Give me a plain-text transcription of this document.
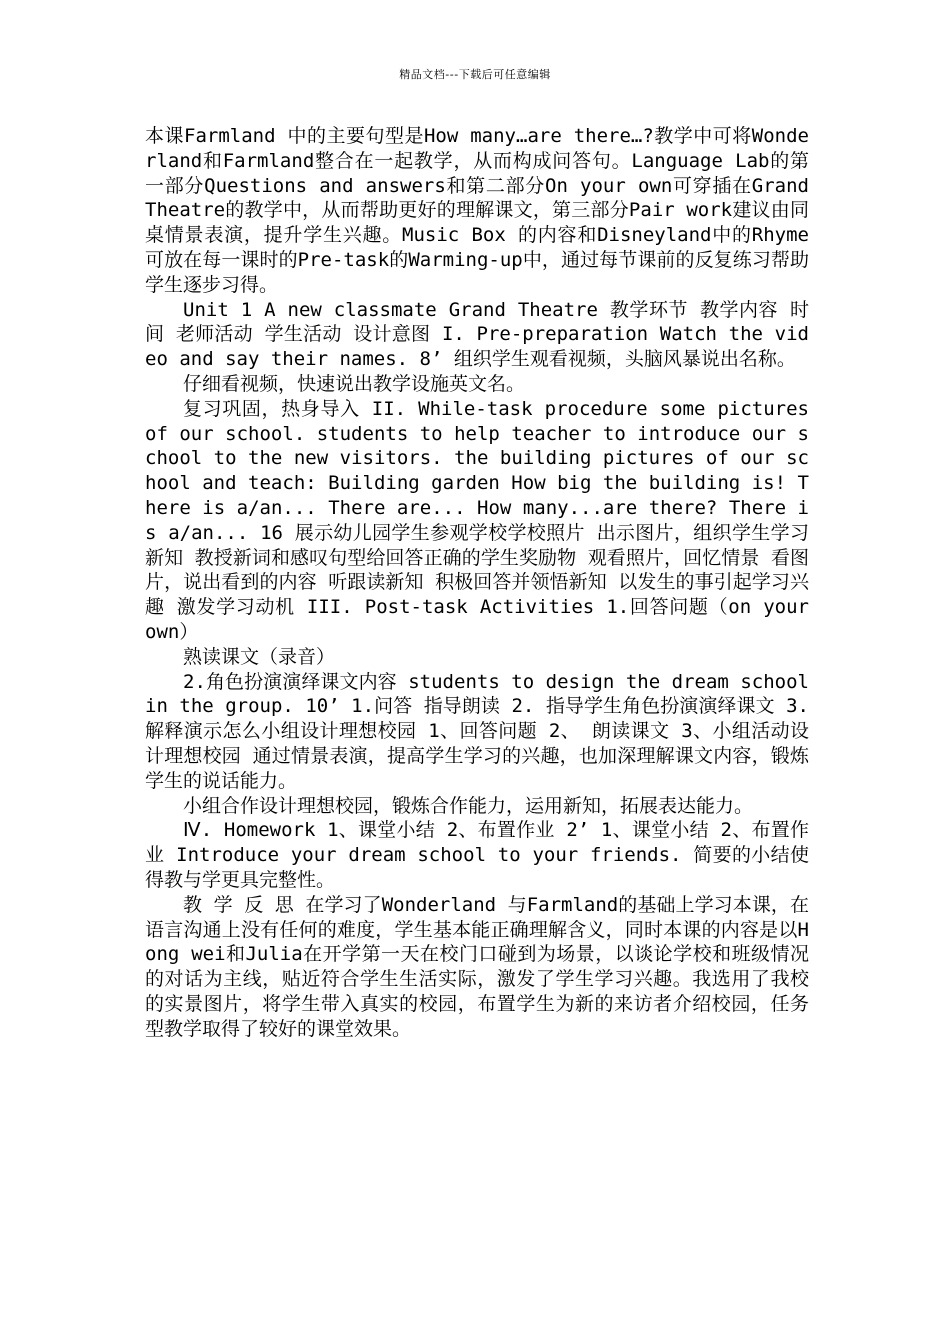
精品文档---下载后可任意编辑

本课Farmland 中的主要句型是How many…are there…?教学中可将Wonderland和Farmland整合在一起教学，从而构成问答句。Language Lab的第一部分Questions and answers和第二部分On your own可穿插在Grand Theatre的教学中，从而帮助更好的理解课文，第三部分Pair work建议由同桌情景表演，提升学生兴趣。Music Box 的内容和Disneyland中的Rhyme可放在每一课时的Pre-task的Warming-up中，通过每节课前的反复练习帮助学生逐步习得。

Unit 1 A new classmate Grand Theatre 教学环节 教学内容 时间 老师活动 学生活动 设计意图 I. Pre-preparation Watch the video and say their names. 8’ 组织学生观看视频，头脑风暴说出名称。

仔细看视频，快速说出教学设施英文名。

复习巩固，热身导入 II. While-task procedure some pictures of our school. students to help teacher to introduce our school to the new visitors. the building pictures of our school and teach: Building garden How big the building is! There is a/an... There are... How many...are there? There is a/an... 16 展示幼儿园学生参观学校学校照片 出示图片，组织学生学习新知 教授新词和感叹句型给回答正确的学生奖励物 观看照片，回忆情景 看图片，说出看到的内容 听跟读新知 积极回答并领悟新知 以发生的事引起学习兴趣 激发学习动机 III. Post-task Activities 1.回答问题（on your own）

熟读课文（录音）

2.角色扮演演绎课文内容 students to design the dream school in the group. 10’ 1.问答 指导朗读 2. 指导学生角色扮演演绎课文 3.解释演示怎么小组设计理想校园 1、回答问题 2、 朗读课文 3、小组活动设计理想校园 通过情景表演，提高学生学习的兴趣，也加深理解课文内容，锻炼学生的说话能力。

小组合作设计理想校园，锻炼合作能力，运用新知，拓展表达能力。

Ⅳ. Homework 1、课堂小结 2、布置作业 2’ 1、课堂小结 2、布置作业 Introduce your dream school to your friends. 简要的小结使得教与学更具完整性。

教 学 反 思 在学习了Wonderland 与Farmland的基础上学习本课，在语言沟通上没有任何的难度，学生基本能正确理解含义，同时本课的内容是以Hong wei和Julia在开学第一天在校门口碰到为场景，以谈论学校和班级情况的对话为主线，贴近符合学生生活实际，激发了学生学习兴趣。我选用了我校的实景图片，将学生带入真实的校园，布置学生为新的来访者介绍校园，任务型教学取得了较好的课堂效果。
